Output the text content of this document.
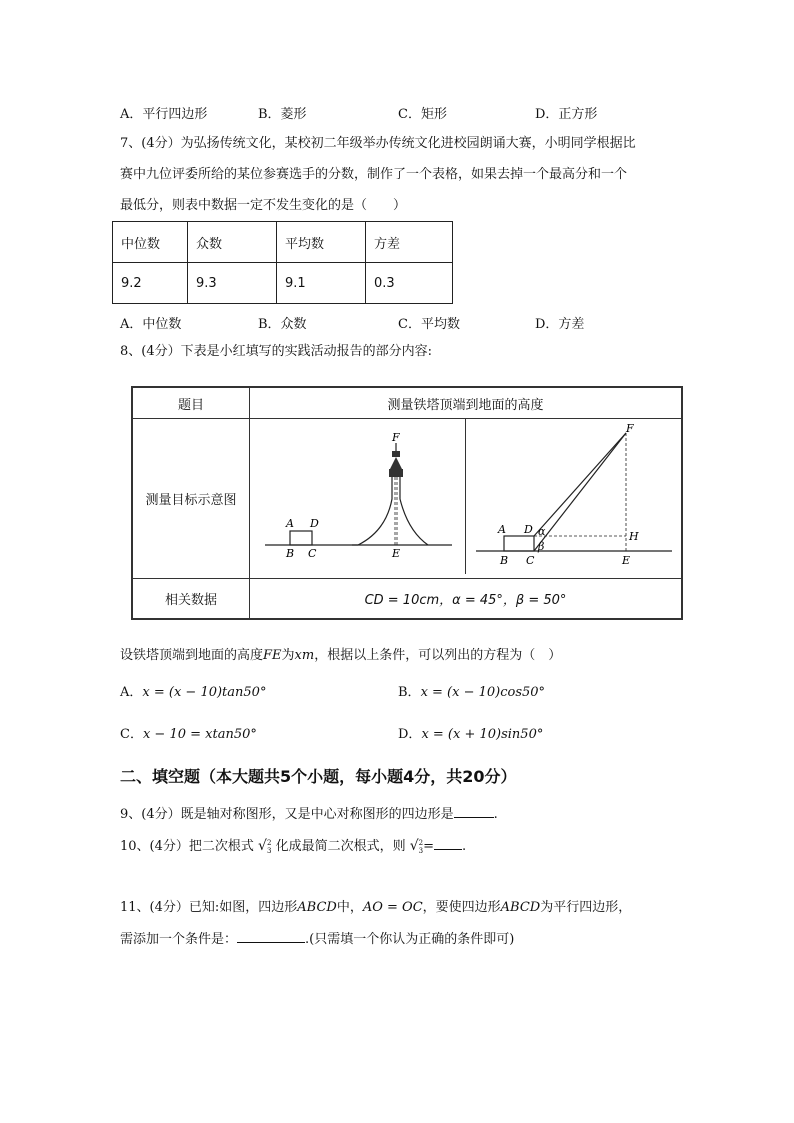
A．平行四边形	B．菱形	C．矩形	D．正方形
7、(4分）为弘扬传统文化，某校初二年级举办传统文化进校园朗诵大赛，小明同学根据比
赛中九位评委所给的某位参赛选手的分数，制作了一个表格，如果去掉一个最高分和一个
最低分，则表中数据一定不发生变化的是（　　）
中位数	众数	平均数	方差
9.2	9.3	9.1	0.3
A．中位数	B．众数	C．平均数	D．方差
8、(4分）下表是小红填写的实践活动报告的部分内容:
题目	测量铁塔顶端到地面的高度
测量目标示意图
相关数据	CD = 10cm，α = 45°，β = 50°
F
A D
B C	E
F
A D α
β
H
B C	E
设铁塔顶端到地面的高度FE为xm，根据以上条件，可以列出的方程为（　）
A．x = (x − 10)tan50°	B．x = (x − 10)cos50°
C．x − 10 = xtan50°	D．x = (x + 10)sin50°
二、填空题（本大题共5个小题，每小题4分，共20分）
9、(4分）既是轴对称图形，又是中心对称图形的四边形是	.
10、(4分）把二次根式 √2
3 化成最简二次根式，则 √2
3= .
11、(4分）已知:如图，四边形ABCD中，AO = OC，要使四边形ABCD为平行四边形，
需添加一个条件是：	.(只需填一个你认为正确的条件即可)
